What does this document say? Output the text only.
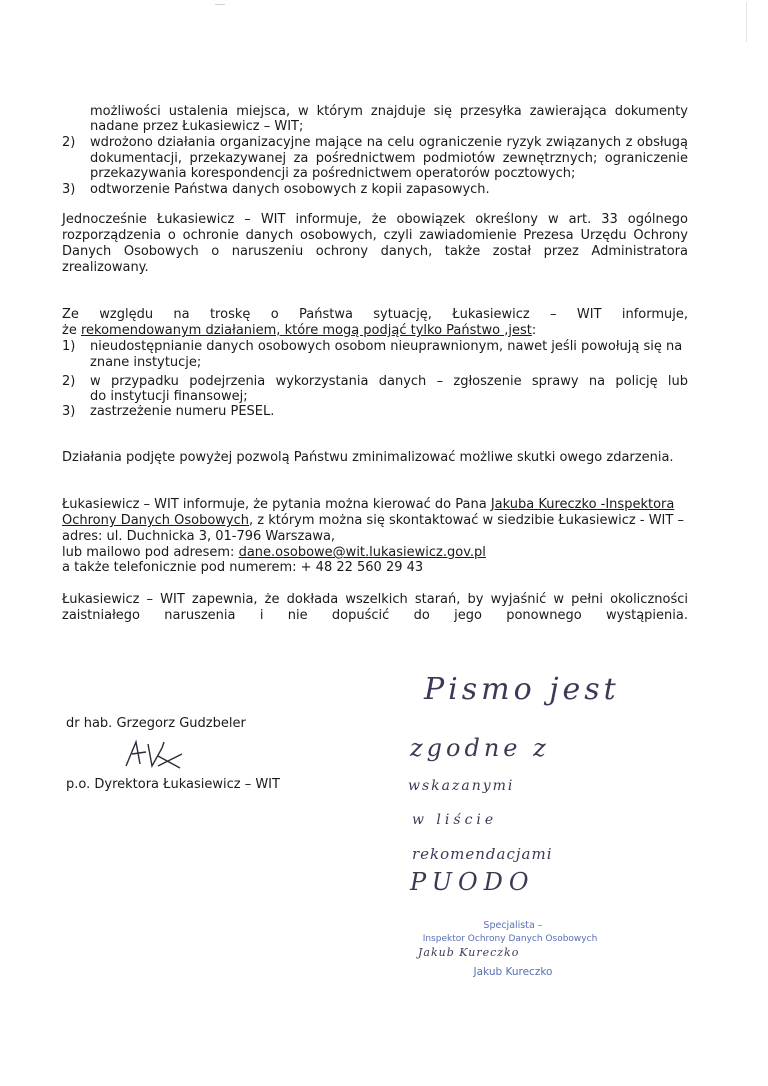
możliwości ustalenia miejsca, w którym znajduje się przesyłka zawierająca dokumenty
nadane przez Łukasiewicz – WIT;
2) wdrożono działania organizacyjne mające na celu ograniczenie ryzyk związanych z obsługą
dokumentacji, przekazywanej za pośrednictwem podmiotów zewnętrznych; ograniczenie
przekazywania korespondencji za pośrednictwem operatorów pocztowych;
3) odtworzenie Państwa danych osobowych z kopii zapasowych.
Jednocześnie Łukasiewicz – WIT informuje, że obowiązek określony w art. 33 ogólnego
rozporządzenia o ochronie danych osobowych, czyli zawiadomienie Prezesa Urzędu Ochrony
Danych Osobowych o naruszeniu ochrony danych, także został przez Administratora
zrealizowany.
Ze względu na troskę o Państwa sytuację, Łukasiewicz – WIT informuje,
że rekomendowanym działaniem, które mogą podjąć tylko Państwo ,jest:
1) nieudostępnianie danych osobowych osobom nieuprawnionym, nawet jeśli powołują się na
znane instytucje;
2) w przypadku podejrzenia wykorzystania danych – zgłoszenie sprawy na policję lub
do instytucji finansowej;
3) zastrzeżenie numeru PESEL.
Działania podjęte powyżej pozwolą Państwu zminimalizować możliwe skutki owego zdarzenia.
Łukasiewicz – WIT informuje, że pytania można kierować do Pana Jakuba Kureczko -Inspektora
Ochrony Danych Osobowych, z którym można się skontaktować w siedzibie Łukasiewicz - WIT –
adres: ul. Duchnicka 3, 01-796 Warszawa,
lub mailowo pod adresem: dane.osobowe@wit.lukasiewicz.gov.pl
a także telefonicznie pod numerem: + 48 22 560 29 43
Łukasiewicz – WIT zapewnia, że dokłada wszelkich starań, by wyjaśnić w pełni okoliczności
zaistniałego naruszenia i nie dopuścić do jego ponownego wystąpienia.
dr hab. Grzegorz Gudzbeler
p.o. Dyrektora Łukasiewicz – WIT
Pismo jest
zgodne z
wskazanymi
w liście
rekomendacjami
PUODO
Specjalista –
Inspektor Ochrony Danych Osobowych
Jakub Kureczko
Jakub Kureczko
